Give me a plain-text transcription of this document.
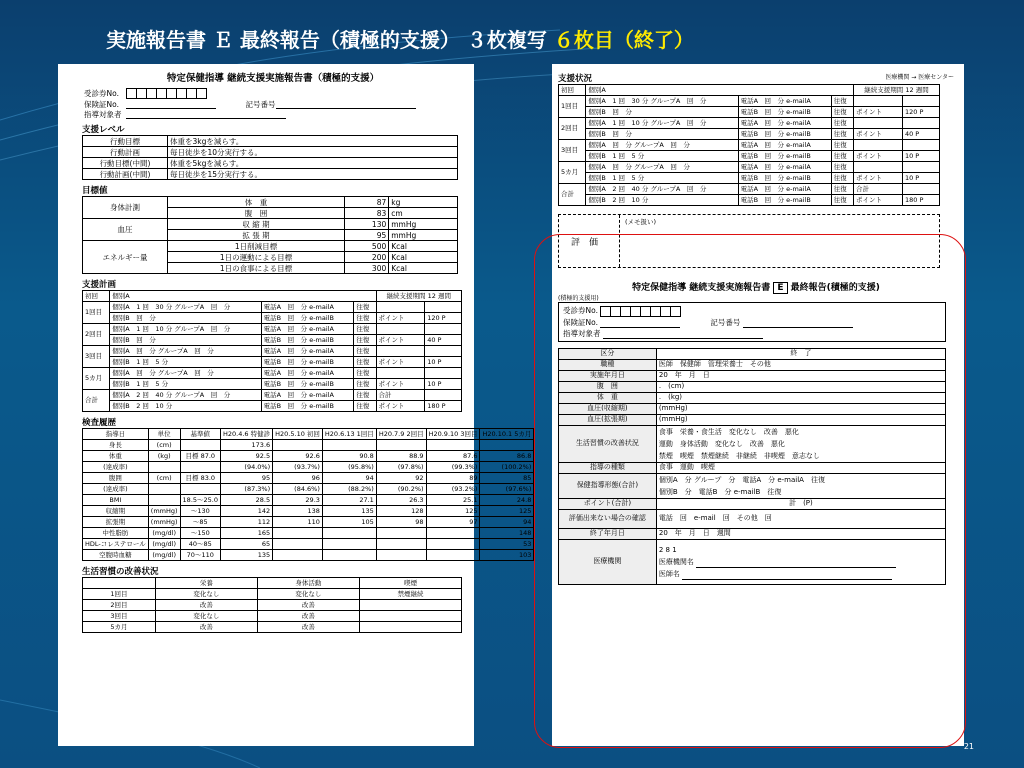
実施報告書 Ｅ 最終報告（積極的支援） ３枚複写 ６枚目（終了）
特定保健指導 継続支援実施報告書（積極的支援）
受診券No.	
保険証No.	記号番号
指導対象者	
支援レベル
行動目標	体重を3kgを減らす。
行動計画	毎日徒歩を10分実行する。
行動目標(中間)	体重を5kgを減らす。
行動計画(中間)	毎日徒歩を15分実行する。
目標値
身体計測	体　重	87	kg
	腹　囲	83	cm
血圧	収 縮 期	130	mmHg
	拡 張 期	95	mmHg
エネルギー量	1日削減目標	500	Kcal
	1日の運動による目標	200	Kcal
	1日の食事による目標	300	Kcal
支援計画
初回	個別A			継続支援期間 12 週間	
1回目	個別A　1 回　30 分 グループA　回　分	電話A　回　分 e-mailA	往復		
	個別B　回　分	電話B　回　分 e-mailB	往復	ポイント	120 P
2回目	個別A　1 回　10 分 グループA　回　分	電話A　回　分 e-mailA	往復		
	個別B　回　分	電話B　回　分 e-mailB	往復	ポイント	40 P
3回目	個別A　回　分 グループA　回　分	電話A　回　分 e-mailA	往復		
	個別B　1 回　5 分	電話B　回　分 e-mailB	往復	ポイント	10 P
5カ月	個別A　回　分 グループA　回　分	電話A　回　分 e-mailA	往復		
	個別B　1 回　5 分	電話B　回　分 e-mailB	往復	ポイント	10 P
合計	個別A　2 回　40 分 グループA　回　分	電話A　回　分 e-mailA	往復	合計	
	個別B　2 回　10 分	電話B　回　分 e-mailB	往復	ポイント	180 P
検査履歴
指導日	単位	基準値	H20.4.6 特健診	H20.5.10 初回	H20.6.13 1回目	H20.7.9 2回目	H20.9.10 3回目	H20.10.1 5カ月
身長	(cm)		173.6					
体重	(kg)	目標 87.0	92.5	92.6	90.8	88.9	87.6	86.8
(達成率)			(94.0%)	(93.7%)	(95.8%)	(97.8%)	(99.3%)	(100.2%)
腹囲	(cm)	目標 83.0	95	96	94	92	89	85
(達成率)			(87.3%)	(84.6%)	(88.2%)	(90.2%)	(93.2%)	(97.6%)
BMI		18.5〜25.0	28.5	29.3	27.1	26.3	25.1	24.8
収縮期	(mmHg)	〜130	142	138	135	128	125	125
拡張期	(mmHg)	〜85	112	110	105	98	97	94
中性脂肪	(mg/dl)	〜150	165					148
HDL-コレステロール	(mg/dl)	40〜85	65					53
空腹時血糖	(mg/dl)	70〜110	135					103
生活習慣の改善状況
	栄養	身体活動	喫煙
1回目	変化なし	変化なし	禁煙継続
2回目	改善	改善	
3回目	変化なし	改善	
5カ月	改善	改善	
支援状況	医療機関 → 医療センター
初回	個別A			継続支援期間 12 週間	
1回目	個別A　1 回　30 分 グループA　回　分	電話A　回　分 e-mailA	往復		
	個別B　回　分	電話B　回　分 e-mailB	往復	ポイント	120 P
2回目	個別A　1 回　10 分 グループA　回　分	電話A　回　分 e-mailA	往復		
	個別B　回　分	電話B　回　分 e-mailB	往復	ポイント	40 P
3回目	個別A　回　分 グループA　回　分	電話A　回　分 e-mailA	往復		
	個別B　1 回　5 分	電話B　回　分 e-mailB	往復	ポイント	10 P
5カ月	個別A　回　分 グループA　回　分	電話A　回　分 e-mailA	往復		
	個別B　1 回　5 分	電話B　回　分 e-mailB	往復	ポイント	10 P
合計	個別A　2 回　40 分 グループA　回　分	電話A　回　分 e-mailA	往復	合計	
	個別B　2 回　10 分	電話B　回　分 e-mailB	往復	ポイント	180 P
(メモ扱い)
評　価
特定保健指導 継続支援実施報告書 E 最終報告(積極的支援)
(積極的支援用)
受診券No.
保険証No.	記号番号
指導対象者
区分	終　了
職種	医師　保健師　管理栄養士　その他
実施年月日	20　年　月　日
腹　囲	.　(cm)
体　重	.　(kg)
血圧(収縮期)	(mmHg)
血圧(拡張期)	(mmHg)
生活習慣の改善状況	食事　栄養・食生活　変化なし　改善　悪化
運動　身体活動　変化なし　改善　悪化
禁煙　喫煙　禁煙継続　非継続　非喫煙　意志なし

指導の種類	食事　運動　喫煙
保健指導形態(合計)	個別A　分 グループ　分　電話A　分 e-mailA　往復
個別B　分　電話B　分 e-mailB　往復

ポイント(合計)	計　(P)
評価出来ない場合の確認	電話　回　e-mail　回　その他　回
終了年月日	20　年　月　日　週間
医療機関	2 8 1
医療機関名
医師名
21
